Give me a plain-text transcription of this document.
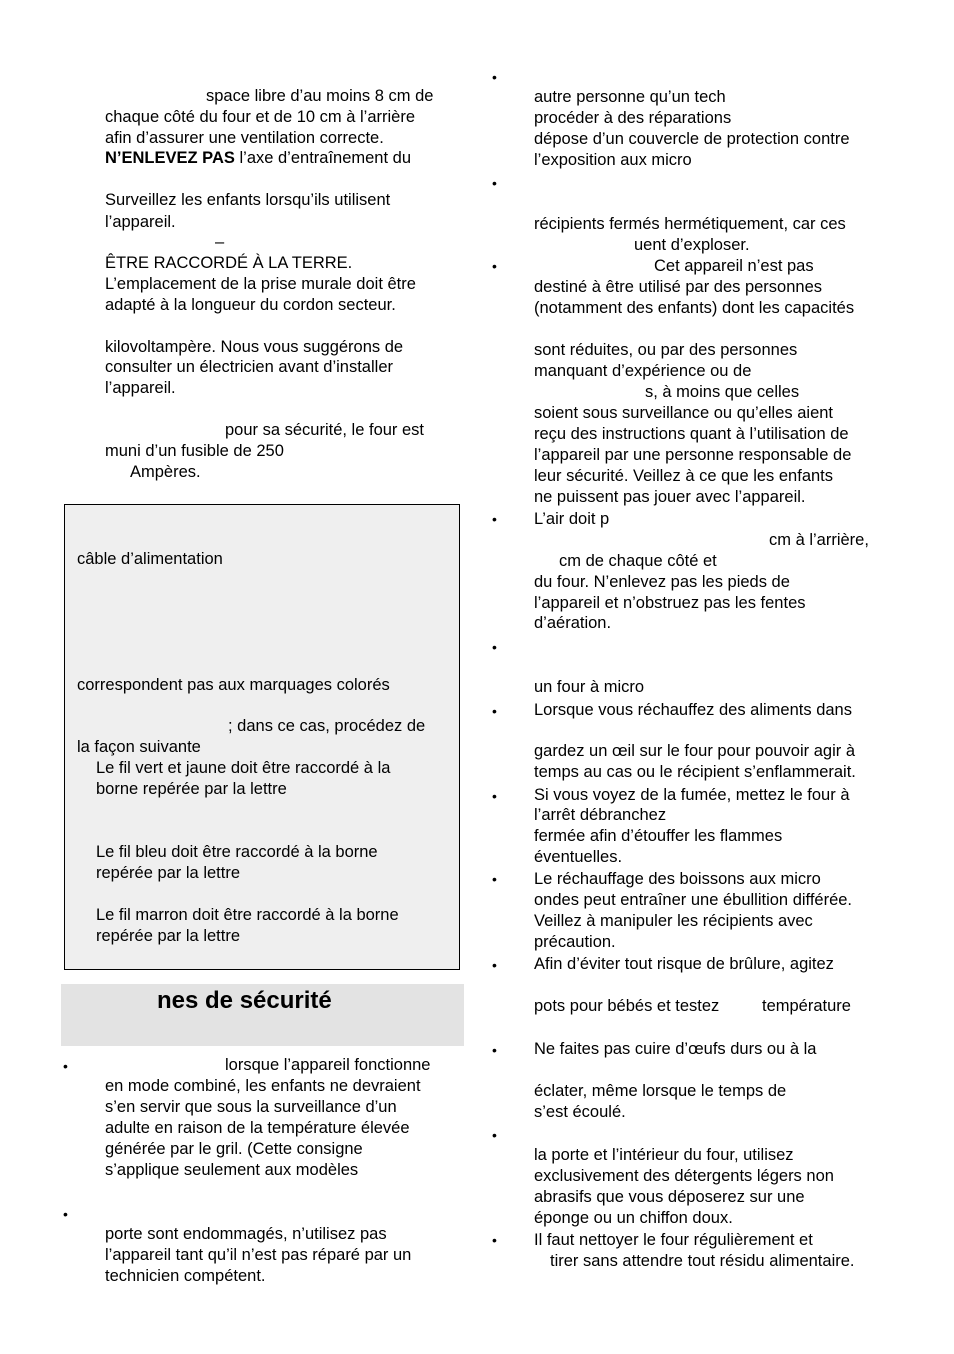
space libre d’au moins 8 cm de
chaque côté du four et de 10 cm à l’arrière
afin d’assurer une ventilation correcte.
N’ENLEVEZ PAS l’axe d’entraînement du
Surveillez les enfants lorsqu’ils utilisent
l’appareil.
–
ÊTRE RACCORDÉ À LA TERRE.
L’emplacement de la prise murale doit être
adapté à la longueur du cordon secteur.
kilovoltampère. Nous vous suggérons de
consulter un électricien avant d’installer
l’appareil.
pour sa sécurité, le four est
muni d’un fusible de 250
Ampères.
câble d’alimentation
correspondent pas aux marquages colorés
; dans ce cas, procédez de
la façon suivante
Le fil vert et jaune doit être raccordé à la
borne repérée par la lettre
Le fil bleu doit être raccordé à la borne
repérée par la lettre
Le fil marron doit être raccordé à la borne
repérée par la lettre
nes de sécurité
•	lorsque l’appareil fonctionne
en mode combiné, les enfants ne devraient
s’en servir que sous la surveillance d’un
adulte en raison de la température élevée
générée par le gril. (Cette consigne
s’applique seulement aux modèles
•
porte sont endommagés, n’utilisez pas
l’appareil tant qu’il n’est pas réparé par un
technicien compétent.
•
autre personne qu’un tech
procéder à des réparations
dépose d’un couvercle de protection contre
l’exposition aux micro
•
récipients fermés hermétiquement, car ces
uent d’exploser.
•	Cet appareil n’est pas
destiné à être utilisé par des personnes
(notamment des enfants) dont les capacités
sont réduites, ou par des personnes
manquant d’expérience ou de
s, à moins que celles
soient sous surveillance ou qu’elles aient
reçu des instructions quant à l’utilisation de
l’appareil par une personne responsable de
leur sécurité. Veillez à ce que les enfants
ne puissent pas jouer avec l’appareil.
• L’air doit p
cm à l’arrière,
cm de chaque côté et
du four. N’enlevez pas les pieds de
l’appareil et n’obstruez pas les fentes
d’aération.
•
un four à micro
• Lorsque vous réchauffez des aliments dans
gardez un œil sur le four pour pouvoir agir à
temps au cas ou le récipient s’enflammerait.
• Si vous voyez de la fumée, mettez le four à
l’arrêt débranchez
fermée afin d’étouffer les flammes
éventuelles.
• Le réchauffage des boissons aux micro
ondes peut entraîner une ébullition différée.
Veillez à manipuler les récipients avec
précaution.
• Afin d’éviter tout risque de brûlure, agitez
pots pour bébés et testez	température
• Ne faites pas cuire d’œufs durs ou à la
éclater, même lorsque le temps de
s’est écoulé.
•
la porte et l’intérieur du four, utilisez
exclusivement des détergents légers non
abrasifs que vous déposerez sur une
éponge ou un chiffon doux.
• Il faut nettoyer le four régulièrement et
tirer sans attendre tout résidu alimentaire.
